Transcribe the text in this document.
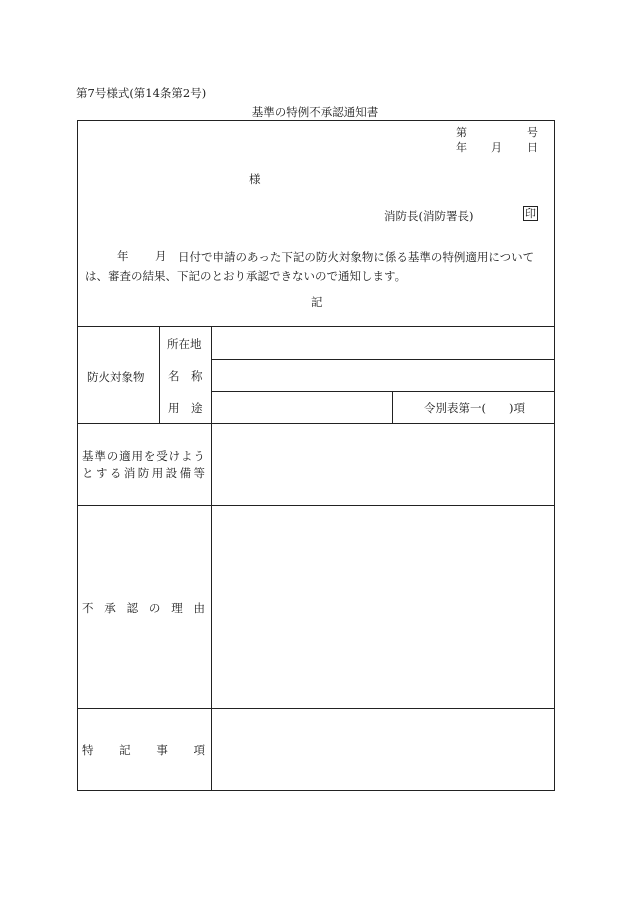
第7号様式(第14条第2号)
基準の特例不承認通知書
第	号
年 月 日
様
消防長(消防署長)	印
年 月	日付で申請のあった下記の防火対象物に係る基準の特例適用については、審査の結果、下記のとおり承認できないので通知します。
記
防火対象物
所在地
名　称
用　途	令別表第一(　　)項
基 準 の 適 用 を 受 け よ う
と す る 消 防 用 設 備 等
不 承 認 の 理 由
特 記 事 項
